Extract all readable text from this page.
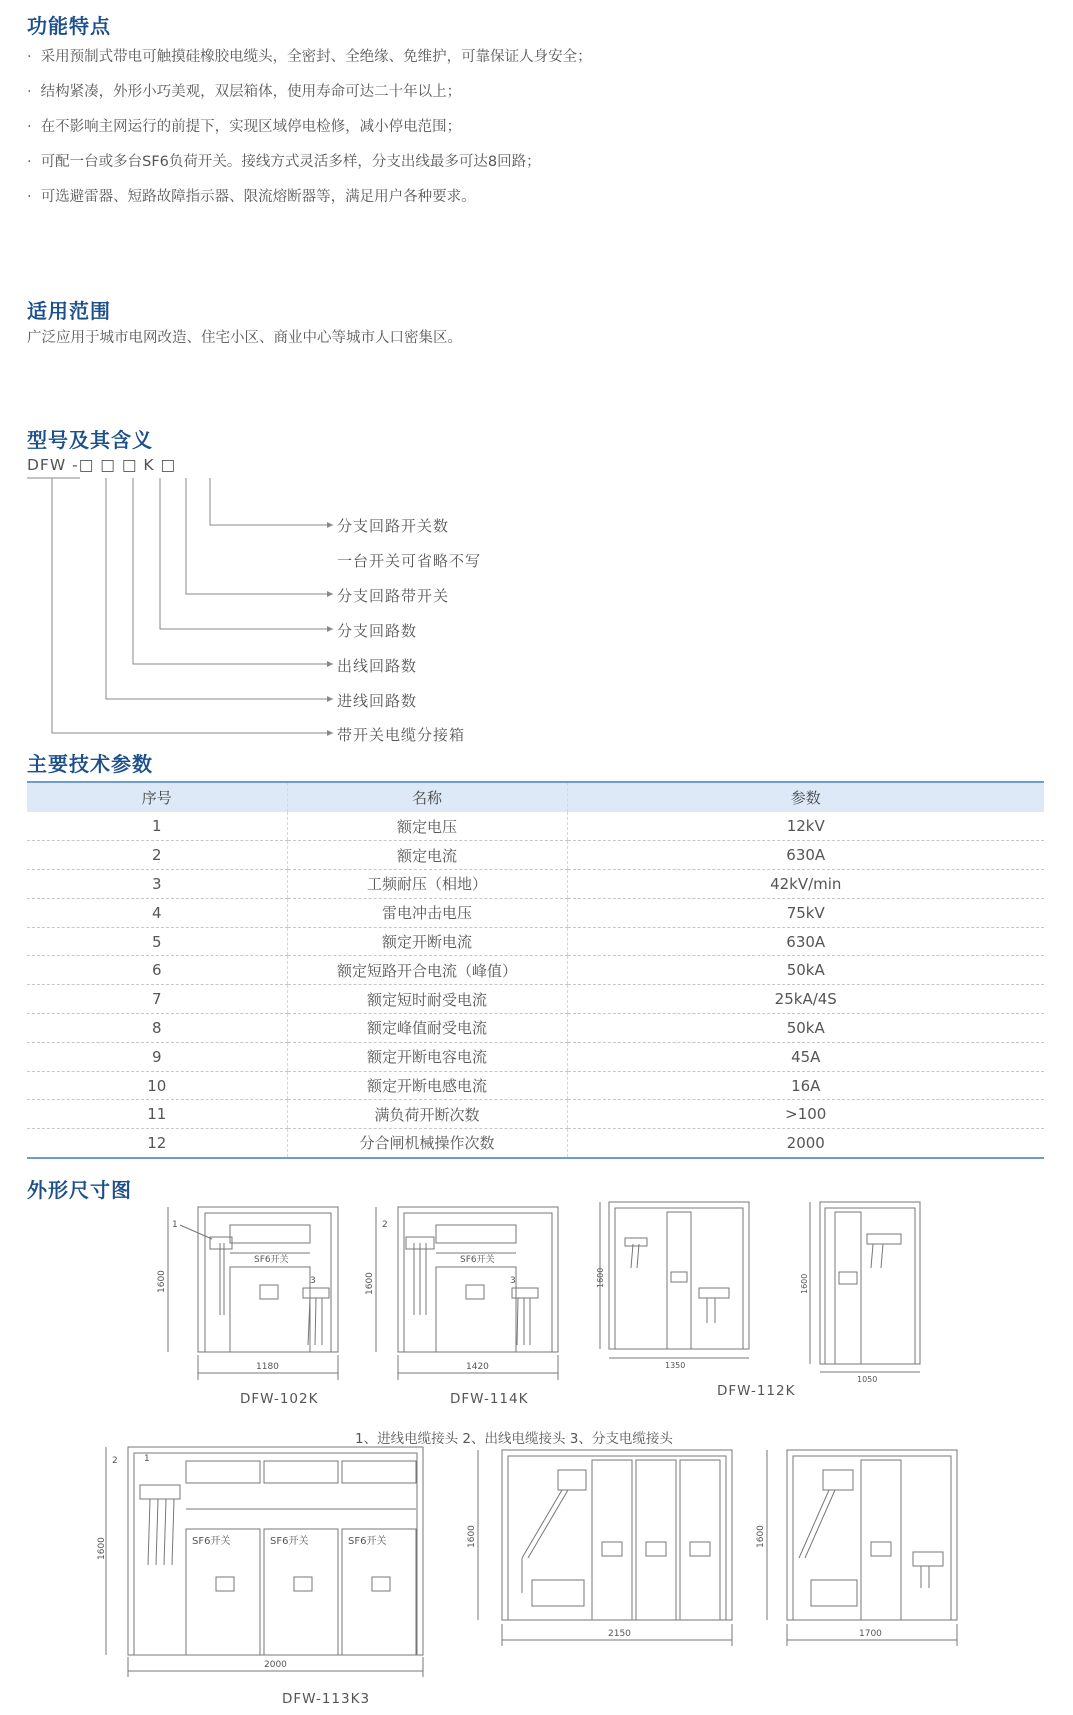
功能特点
· 采用预制式带电可触摸硅橡胶电缆头，全密封、全绝缘、免维护，可靠保证人身安全；
· 结构紧凑，外形小巧美观，双层箱体，使用寿命可达二十年以上；
· 在不影响主网运行的前提下，实现区域停电检修，减小停电范围；
· 可配一台或多台SF6负荷开关。接线方式灵活多样，分支出线最多可达8回路；
· 可选避雷器、短路故障指示器、限流熔断器等，满足用户各种要求。
适用范围
广泛应用于城市电网改造、住宅小区、商业中心等城市人口密集区。
型号及其含义
DFW -□ □ □ K □
分支回路开关数
一台开关可省略不写
分支回路带开关
分支回路数
出线回路数
进线回路数
带开关电缆分接箱
主要技术参数
序号	名称	参数
1	额定电压	12kV
2	额定电流	630A
3	工频耐压（相地）	42kV/min
4	雷电冲击电压	75kV
5	额定开断电流	630A
6	额定短路开合电流（峰值）	50kA
7	额定短时耐受电流	25kA/4S
8	额定峰值耐受电流	50kA
9	额定开断电容电流	45A
10	额定开断电感电流	16A
11	满负荷开断次数	>100
12	分合闸机械操作次数	2000
外形尺寸图
1
3
SF6开关
1600
1180
DFW-102K
2
3
SF6开关
1600
1420
DFW-114K
1600
1350
1600
1050
DFW-112K
1、进线电缆接头 2、出线电缆接头 3、分支电缆接头
2	1
SF6开关	SF6开关	SF6开关
1600
2000
DFW-113K3
1600
2150
1600
1700
